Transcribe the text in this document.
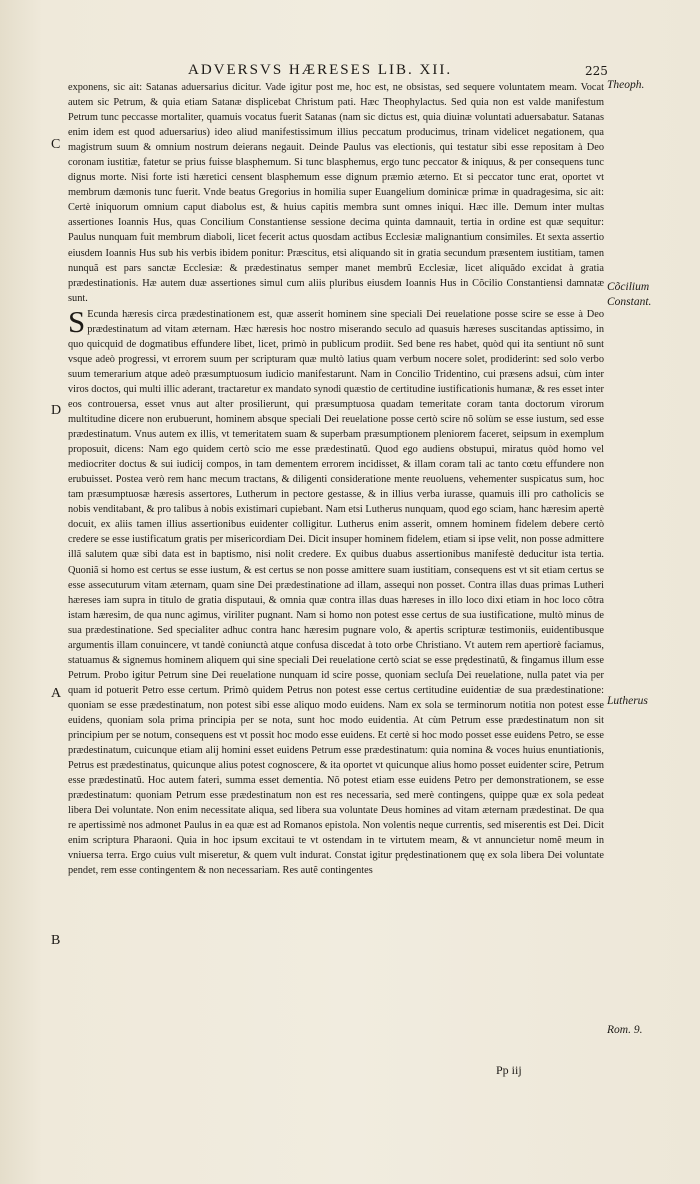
ADVERSVS HÆRESES LIB. XII.	225

exponens, sic ait: Satanas aduersarius dicitur. Vade igitur post me, hoc est, ne obsistas, sed sequere voluntatem meam. Vocat autem sic Petrum, & quia etiam Satanæ displicebat Christum pati. Hæc Theophylactus. Sed quia non est valde manifestum Petrum tunc peccasse mortaliter, quamuis vocatus fuerit Satanas (nam sic dictus est, quia diuinæ voluntati aduersabatur. Satanas enim idem est quod aduersarius) ideo aliud manifestissimum illius peccatum producimus, trinam videlicet negationem, qua magistrum suum & omnium nostrum deierans negauit. Deinde Paulus vas electionis, qui testatur sibi esse repositam à Deo coronam iustitiæ, fatetur se prius fuisse blasphemum. Si tunc blasphemus, ergo tunc peccator & iniquus, & per consequens tunc dignus morte. Nisi forte isti hæretici censent blasphemum esse dignum præmio æterno. Et si peccator tunc erat, oportet vt membrum dæmonis tunc fuerit. Vnde beatus Gregorius in homilia super Euangelium dominicæ primæ in quadragesima, sic ait: Certè iniquorum omnium caput diabolus est, & huius capitis membra sunt omnes iniqui. Hæc ille. Demum inter multas assertiones Ioannis Hus, quas Concilium Constantiense sessione decima quinta damnauit, tertia in ordine est quæ sequitur: Paulus nunquam fuit membrum diaboli, licet fecerit actus quosdam actibus Ecclesiæ malignantium consimiles. Et sexta assertio eiusdem Ioannis Hus sub his verbis ibidem ponitur: Præscitus, etsi aliquando sit in gratia secundum præsentem iustitiam, tamen nunquã est pars sanctæ Ecclesiæ: & prædestinatus semper manet membrũ Ecclesiæ, licet aliquãdo excidat à gratia prædestinationis. Hæ autem duæ assertiones simul cum aliis pluribus eiusdem Ioannis Hus in Cõcilio Constantiensi damnatæ sunt.

S Ecunda hæresis circa prædestinationem est, quæ asserit hominem sine speciali Dei reuelatione posse scire se esse à Deo prædestinatum ad vitam æternam. Hæc hæresis hoc nostro miserando seculo ad quasuis hæreses suscitandas aptissimo, in quo quicquid de dogmatibus effundere libet, licet, primò in publicum prodiit. Sed bene res habet, quòd qui ita sentiunt nõ sunt vsque adeò progressi, vt errorem suum per scripturam quæ multò latius quam verbum nocere solet, prodiderint: sed solo verbo suum temerarium atque adeò præsumptuosum iudicio manifestarunt. Nam in Concilio Tridentino, cui præsens adsui, cùm inter viros doctos, qui multi illic aderant, tractaretur ex mandato synodi quæstio de certitudine iustificationis humanæ, & res esset inter eos controuersa, esset vnus aut alter prosilierunt, qui præsumptuosa quadam temeritate coram tanta doctorum virorum multitudine dicere non erubuerunt, hominem absque speciali Dei reuelatione posse certò scire nõ solùm se esse iustum, sed esse prædestinatum. Vnus autem ex illis, vt temeritatem suam & superbam præsumptionem pleniorem faceret, seipsum in exemplum proposuit, dicens: Nam ego quidem certò scio me esse prædestinatũ. Quod ego audiens obstupui, miratus quòd homo vel mediocriter doctus & sui iudicij compos, in tam dementem errorem incidisset, & illam coram tali ac tanto cœtu effundere non erubuisset. Postea verò rem hanc mecum tractans, & diligenti consideratione mente reuoluens, vehementer suspicatus sum, hoc tam præsumptuosæ hæresis assertores, Lutherum in pectore gestasse, & in illius verba iurasse, quamuis illi pro catholicis se nobis venditabant, & pro talibus à nobis existimari cupiebant. Nam etsi Lutherus nunquam, quod ego sciam, hanc hæresim apertè docuit, ex aliis tamen illius assertionibus euidenter colligitur. Lutherus enim asserit, omnem hominem fidelem debere certò credere se esse iustificatum gratis per misericordiam Dei. Dicit insuper hominem fidelem, etiam si ipse velit, non posse admittere illã salutem quæ sibi data est in baptismo, nisi nolit credere. Ex quibus duabus assertionibus manifestè deducitur ista tertia. Quoniã si homo est certus se esse iustum, & est certus se non posse amittere suam iustitiam, consequens est vt sit etiam certus se esse assecuturum vitam æternam, quam sine Dei prædestinatione ad illam, assequi non posset. Contra illas duas primas Lutheri hæreses iam supra in titulo de gratia disputaui, & omnia quæ contra illas duas hæreses in illo loco dixi etiam in hoc loco cõtra istam hæresim, de qua nunc agimus, viriliter pugnant. Nam si homo non potest esse certus de sua iustificatione, multò minus de sua prædestinatione. Sed specialiter adhuc contra hanc hæresim pugnare volo, & apertis scripturæ testimoniis, euidentibusque argumentis illam conuincere, vt tandè coniunctà atque confusa discedat à toto orbe Christiano. Vt autem rem apertiorè faciamus, statuamus & signemus hominem aliquem qui sine speciali Dei reuelatione certò sciat se esse prędestinatũ, & fingamus illum esse Petrum. Probo igitur Petrum sine Dei reuelatione nunquam id scire posse, quoniam secluſa Dei reuelatione, nulla patet via per quam id potuerit Petro esse certum. Primò quidem Petrus non potest esse certus certitudine euidentiæ de sua prædestinatione: quoniam se esse prædestinatum, non potest sibi esse aliquo modo euidens. Nam ex sola se terminorum notitia non potest esse euidens, quoniam sola prima principia per se nota, sunt hoc modo euidentia. At cùm Petrum esse prædestinatum non sit principium per se notum, consequens est vt possit hoc modo esse euidens. Et certè si hoc modo posset esse euidens Petro, se esse prædestinatum, cuicunque etiam alij homini esset euidens Petrum esse prædestinatum: quia nomina & voces huius enuntiationis, Petrus est prædestinatus, quicunque alius potest cognoscere, & ita oportet vt quicunque alius homo posset euidenter scire, Petrum esse prædestinatũ. Hoc autem fateri, summa esset dementia. Nõ potest etiam esse euidens Petro per demonstrationem, se esse prædestinatum: quoniam Petrum esse prædestinatum non est res necessaria, sed merè contingens, quippe quæ ex sola pedeat libera Dei voluntate. Non enim necessitate aliqua, sed libera sua voluntate Deus homines ad vitam æternam prædestinat. De qua re apertissimè nos admonet Paulus in ea quæ est ad Romanos epistola. Non volentis neque currentis, sed miserentis est Dei. Dicit enim scriptura Pharaoni. Quia in hoc ipsum excitaui te vt ostendam in te virtutem meam, & vt annuncietur nomẽ meum in vniuersa terra. Ergo cuius vult miseretur, & quem vult indurat. Constat igitur prędestinationem quę ex sola libera Dei voluntate pendet, rem esse contingentem & non necessariam. Res autẽ contingentes

C
D
A
B
Theoph.
Cõcilium Constant.
Lutherus
Rom. 9.
Pp iij
